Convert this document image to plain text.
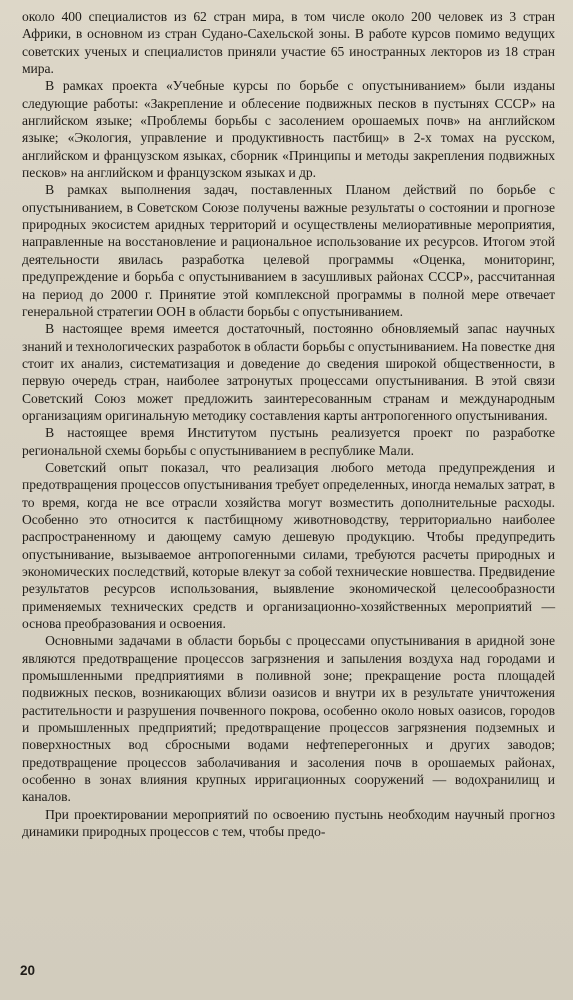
около 400 специалистов из 62 стран мира, в том числе около 200 человек из 3 стран Африки, в основном из стран Судано-Сахельской зоны. В работе курсов помимо ведущих советских ученых и специалистов приняли участие 65 иностранных лекторов из 18 стран мира.

В рамках проекта «Учебные курсы по борьбе с опустыниванием» были изданы следующие работы: «Закрепление и облесение подвижных песков в пустынях СССР» на английском языке; «Проблемы борьбы с засолением орошаемых почв» на английском языке; «Экология, управление и продуктивность пастбищ» в 2-х томах на русском, английском и французском языках, сборник «Принципы и методы закрепления подвижных песков» на английском и французском языках и др.

В рамках выполнения задач, поставленных Планом действий по борьбе с опустыниванием, в Советском Союзе получены важные результаты о состоянии и прогнозе природных экосистем аридных территорий и осуществлены мелиоративные мероприятия, направленные на восстановление и рациональное использование их ресурсов. Итогом этой деятельности явилась разработка целевой программы «Оценка, мониторинг, предупреждение и борьба с опустыниванием в засушливых районах СССР», рассчитанная на период до 2000 г. Принятие этой комплексной программы в полной мере отвечает генеральной стратегии ООН в области борьбы с опустыниванием.

В настоящее время имеется достаточный, постоянно обновляемый запас научных знаний и технологических разработок в области борьбы с опустыниванием. На повестке дня стоит их анализ, систематизация и доведение до сведения широкой общественности, в первую очередь стран, наиболее затронутых процессами опустынивания. В этой связи Советский Союз может предложить заинтересованным странам и международным организациям оригинальную методику составления карты антропогенного опустынивания.

В настоящее время Институтом пустынь реализуется проект по разработке региональной схемы борьбы с опустыниванием в республике Мали.

Советский опыт показал, что реализация любого метода предупреждения и предотвращения процессов опустынивания требует определенных, иногда немалых затрат, в то время, когда не все отрасли хозяйства могут возместить дополнительные расходы. Особенно это относится к пастбищному животноводству, территориально наиболее распространенному и дающему самую дешевую продукцию. Чтобы предупредить опустынивание, вызываемое антропогенными силами, требуются расчеты природных и экономических последствий, которые влекут за собой технические новшества. Предвидение результатов ресурсов использования, выявление экономической целесообразности применяемых технических средств и организационно-хозяйственных мероприятий — основа преобразования и освоения.

Основными задачами в области борьбы с процессами опустынивания в аридной зоне являются предотвращение процессов загрязнения и запыления воздуха над городами и промышленными предприятиями в поливной зоне; прекращение роста площадей подвижных песков, возникающих вблизи оазисов и внутри их в результате уничтожения растительности и разрушения почвенного покрова, особенно около новых оазисов, городов и промышленных предприятий; предотвращение процессов загрязнения подземных и поверхностных вод сбросными водами нефтеперегонных и других заводов; предотвращение процессов заболачивания и засоления почв в орошаемых районах, особенно в зонах влияния крупных ирригационных сооружений — водохранилищ и каналов.

При проектировании мероприятий по освоению пустынь необходим научный прогноз динамики природных процессов с тем, чтобы предо-

20
